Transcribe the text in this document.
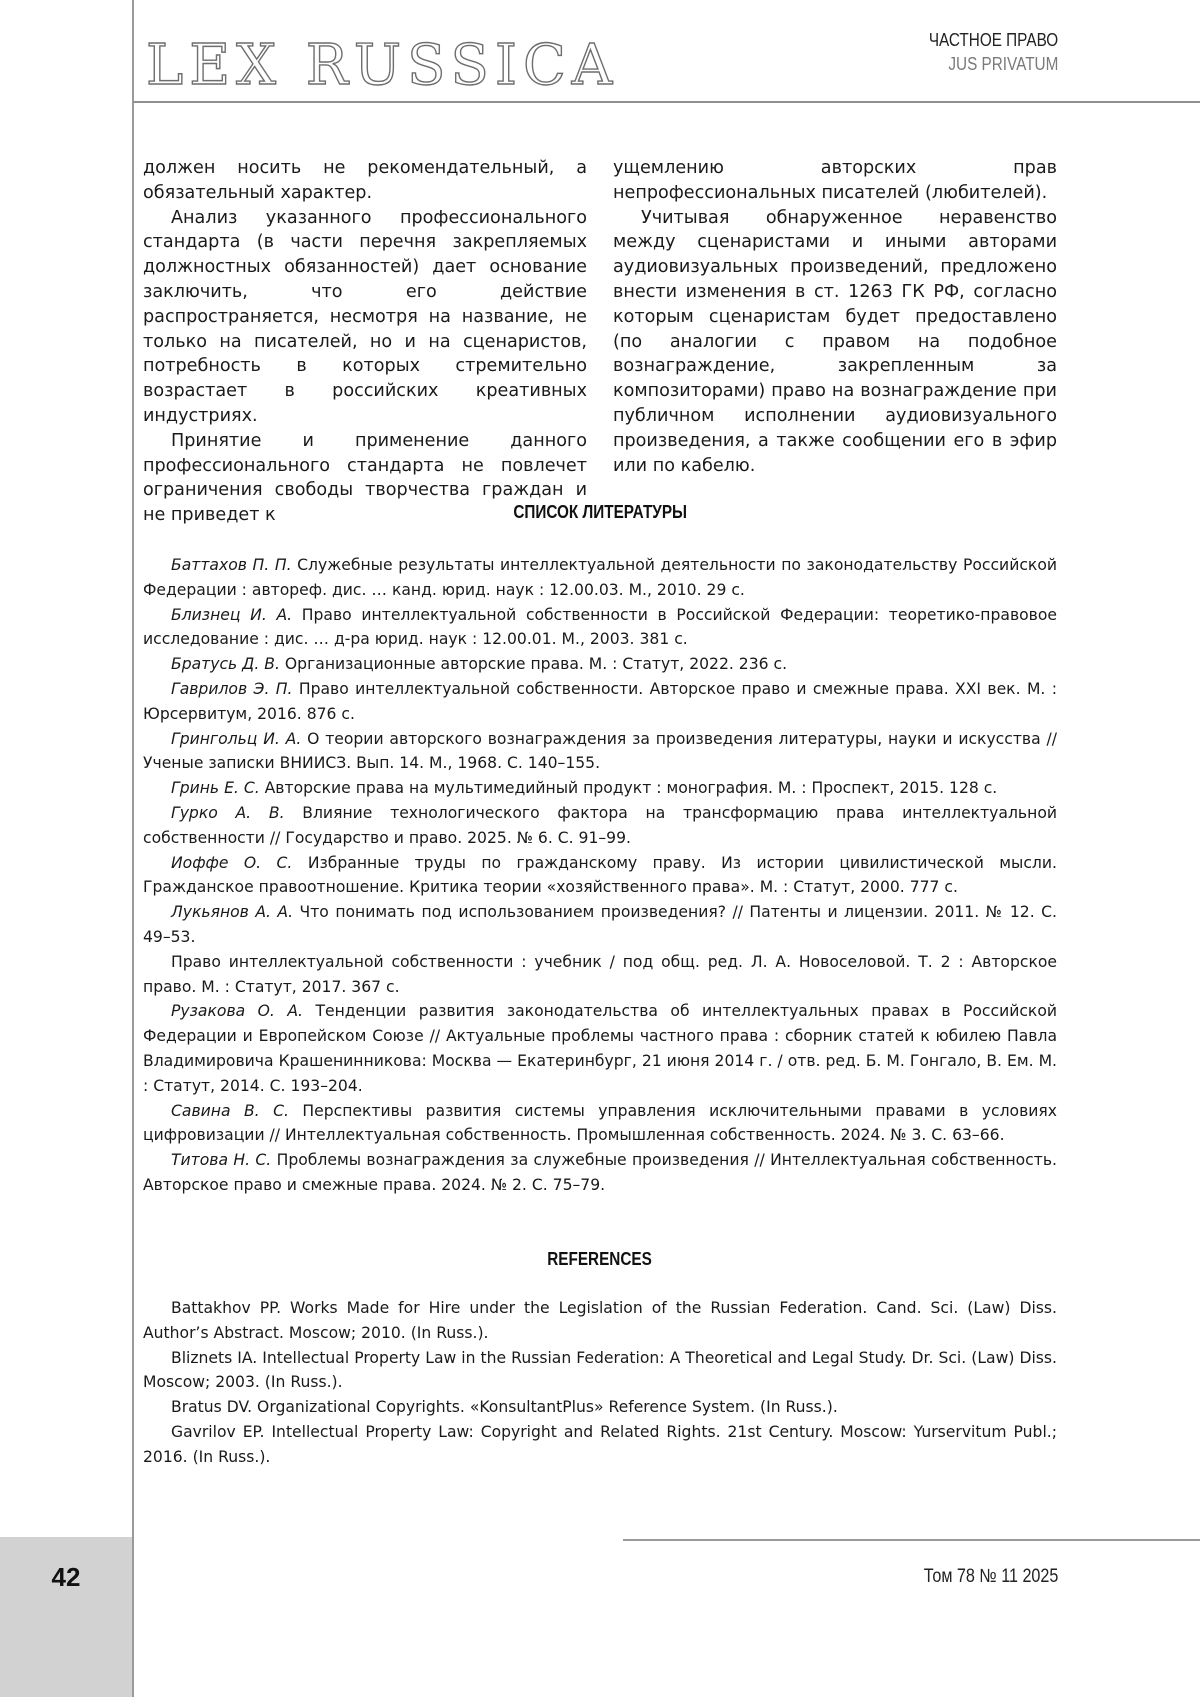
42
LEX RUSSICA	ЧАСТНОЕ ПРАВО
JUS PRIVATUM

должен носить не рекомендательный, а обязательный характер.

Анализ указанного профессионального стандарта (в части перечня закрепляемых должностных обязанностей) дает основание заключить, что его действие распространяется, несмотря на название, не только на писателей, но и на сценаристов, потребность в которых стремительно возрастает в российских креативных индустриях.

Принятие и применение данного профессионального стандарта не повлечет ограничения свободы творчества граждан и не приведет к

ущемлению авторских прав непрофессиональных писателей (любителей).

Учитывая обнаруженное неравенство между сценаристами и иными авторами аудиовизуальных произведений, предложено внести изменения в ст. 1263 ГК РФ, согласно которым сценаристам будет предоставлено (по аналогии с правом на подобное вознаграждение, закрепленным за композиторами) право на вознаграждение при публичном исполнении аудиовизуального произведения, а также сообщении его в эфир или по кабелю.

СПИСОК ЛИТЕРАТУРЫ

Баттахов П. П. Служебные результаты интеллектуальной деятельности по законодательству Российской Федерации : автореф. дис. … канд. юрид. наук : 12.00.03. М., 2010. 29 с.

Близнец И. А. Право интеллектуальной собственности в Российской Федерации: теоретико-правовое исследование : дис. … д-ра юрид. наук : 12.00.01. М., 2003. 381 с.

Братусь Д. В. Организационные авторские права. М. : Статут, 2022. 236 с.

Гаврилов Э. П. Право интеллектуальной собственности. Авторское право и смежные права. XXI век. М. : Юрсервитум, 2016. 876 с.

Грингольц И. А. О теории авторского вознаграждения за произведения литературы, науки и искусства // Ученые записки ВНИИСЗ. Вып. 14. М., 1968. С. 140–155.

Гринь Е. С. Авторские права на мультимедийный продукт : монография. М. : Проспект, 2015. 128 с.

Гурко А. В. Влияние технологического фактора на трансформацию права интеллектуальной собственности // Государство и право. 2025. № 6. С. 91–99.

Иоффе О. С. Избранные труды по гражданскому праву. Из истории цивилистической мысли. Гражданское правоотношение. Критика теории «хозяйственного права». М. : Статут, 2000. 777 с.

Лукьянов А. А. Что понимать под использованием произведения? // Патенты и лицензии. 2011. № 12. С. 49–53.

Право интеллектуальной собственности : учебник / под общ. ред. Л. А. Новоселовой. Т. 2 : Авторское право. М. : Статут, 2017. 367 с.

Рузакова О. А. Тенденции развития законодательства об интеллектуальных правах в Российской Федерации и Европейском Союзе // Актуальные проблемы частного права : сборник статей к юбилею Павла Владимировича Крашенинникова: Москва — Екатеринбург, 21 июня 2014 г. / отв. ред. Б. М. Гонгало, В. Ем. М. : Статут, 2014. С. 193–204.

Савина В. С. Перспективы развития системы управления исключительными правами в условиях цифровизации // Интеллектуальная собственность. Промышленная собственность. 2024. № 3. С. 63–66.

Титова Н. С. Проблемы вознаграждения за служебные произведения // Интеллектуальная собственность. Авторское право и смежные права. 2024. № 2. С. 75–79.

REFERENCES

Battakhov PP. Works Made for Hire under the Legislation of the Russian Federation. Cand. Sci. (Law) Diss. Author’s Abstract. Moscow; 2010. (In Russ.).

Bliznets IA. Intellectual Property Law in the Russian Federation: A Theoretical and Legal Study. Dr. Sci. (Law) Diss. Moscow; 2003. (In Russ.).

Bratus DV. Organizational Copyrights. «KonsultantPlus» Reference System. (In Russ.).

Gavrilov EP. Intellectual Property Law: Copyright and Related Rights. 21st Century. Moscow: Yurservitum Publ.; 2016. (In Russ.).

Том 78 № 11 2025
